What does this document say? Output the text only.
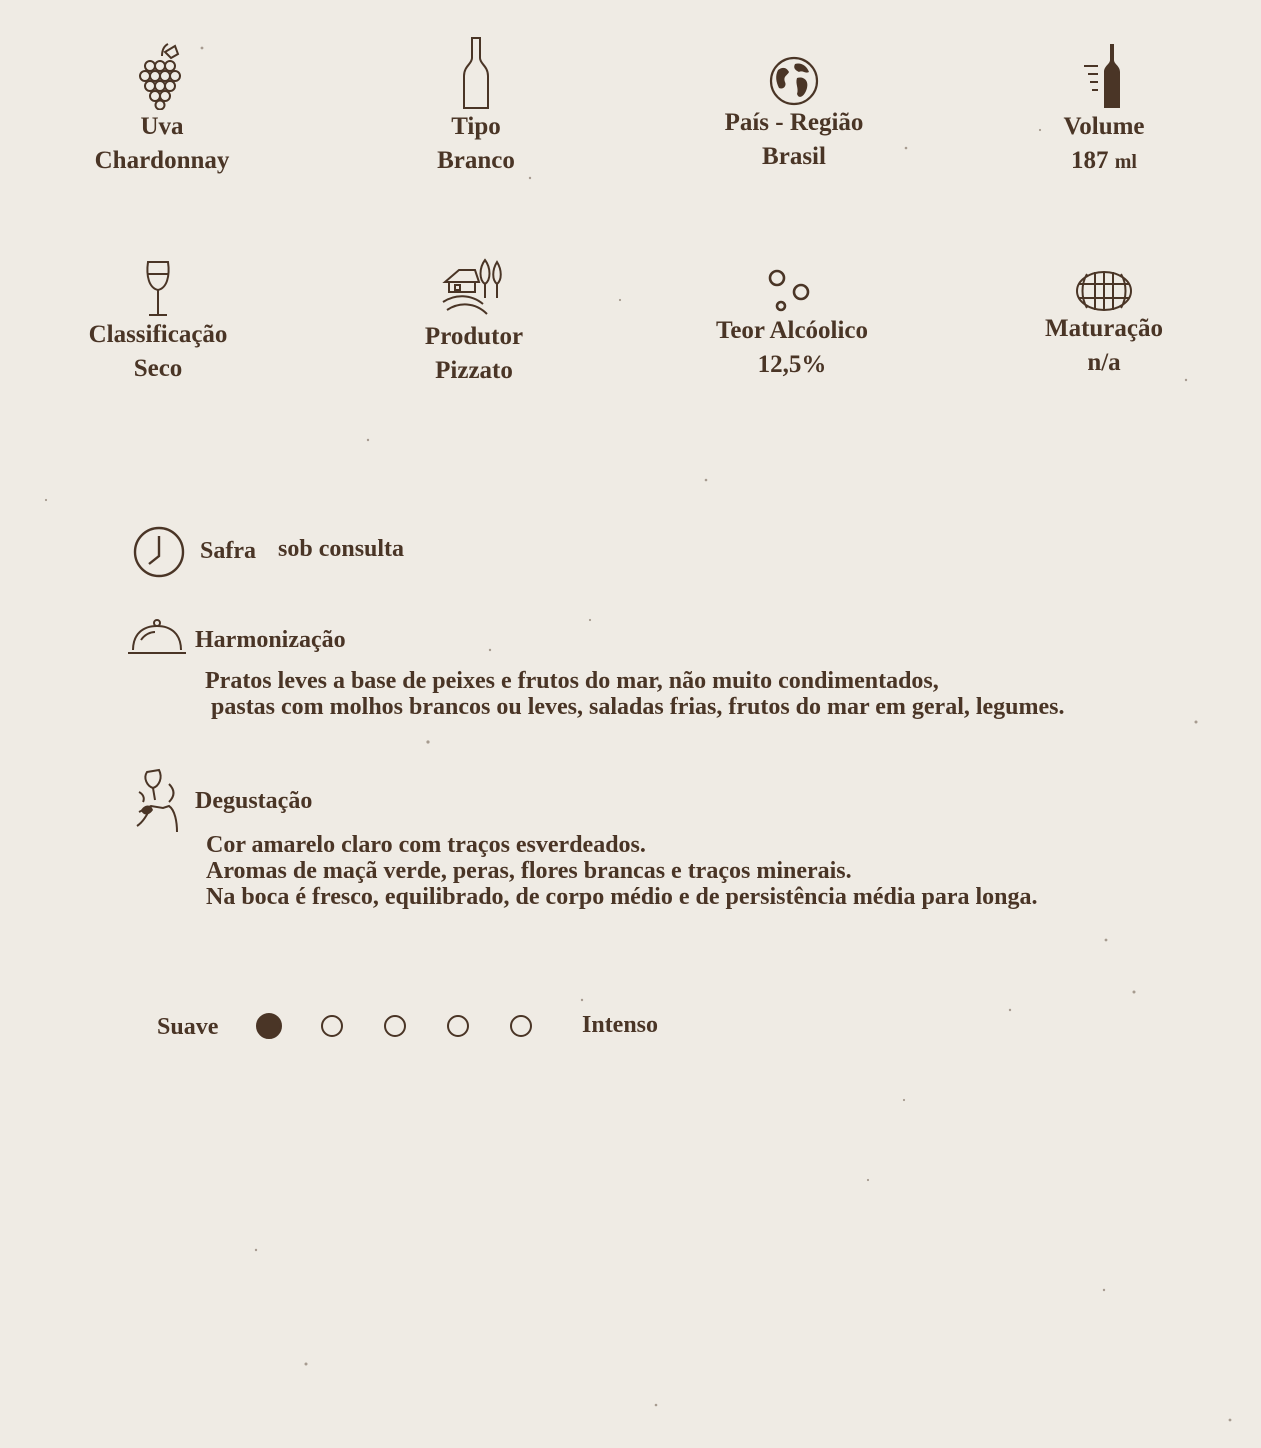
Uva
Chardonnay
Tipo
Branco
País - Região
Brasil
Volume
187 ml
Classificação
Seco
Produtor
Pizzato
Teor Alcóolico
12,5%
Maturação
n/a
Safra sob consulta
Harmonização
Pratos leves a base de peixes e frutos do mar, não muito condimentados,
pastas com molhos brancos ou leves, saladas frias, frutos do mar em geral, legumes.
Degustação
Cor amarelo claro com traços esverdeados.
Aromas de maçã verde, peras, flores brancas e traços minerais.
Na boca é fresco, equilibrado, de corpo médio e de persistência média para longa.
Suave	Intenso
